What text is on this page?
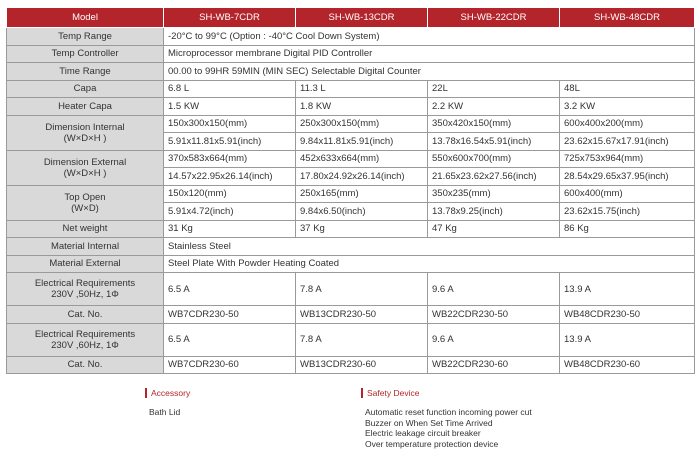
Model	SH-WB-7CDR	SH-WB-13CDR	SH-WB-22CDR	SH-WB-48CDR
Temp Range	-20°C to 99°C (Option : -40°C Cool Down System)			
Temp Controller	Microprocessor membrane Digital PID Controller			
Time Range	00.00 to 99HR 59MIN (MIN SEC) Selectable Digital Counter			
Capa	6.8 L	11.3 L	22L	48L
Heater Capa	1.5 KW	1.8 KW	2.2 KW	3.2 KW
Dimension Internal
(W×D×H )	150x300x150(mm)	250x300x150(mm)	350x420x150(mm)	600x400x200(mm)
	5.91x11.81x5.91(inch)	9.84x11.81x5.91(inch)	13.78x16.54x5.91(inch)	23.62x15.67x17.91(inch)
Dimension External
(W×D×H )	370x583x664(mm)	452x633x664(mm)	550x600x700(mm)	725x753x964(mm)
	14.57x22.95x26.14(inch)	17.80x24.92x26.14(inch)	21.65x23.62x27.56(inch)	28.54x29.65x37.95(inch)
Top Open
(W×D)	150x120(mm)	250x165(mm)	350x235(mm)	600x400(mm)
	5.91x4.72(inch)	9.84x6.50(inch)	13.78x9.25(inch)	23.62x15.75(inch)
Net weight	31 Kg	37 Kg	47 Kg	86 Kg
Material Internal	Stainless Steel			
Material External	Steel Plate With Powder Heating Coated			
Electrical Requirements
230V ,50Hz, 1Φ	6.5 A	7.8 A	9.6 A	13.9 A
Cat. No.	WB7CDR230-50	WB13CDR230-50	WB22CDR230-50	WB48CDR230-50
Electrical Requirements
230V ,60Hz, 1Φ	6.5 A	7.8 A	9.6 A	13.9 A
Cat. No.	WB7CDR230-60	WB13CDR230-60	WB22CDR230-60	WB48CDR230-60
Accessory
Bath Lid
Safety Device
Automatic reset function incoming power cut
Buzzer on When Set Time Arrived
Electric leakage circuit breaker
Over temperature protection device
